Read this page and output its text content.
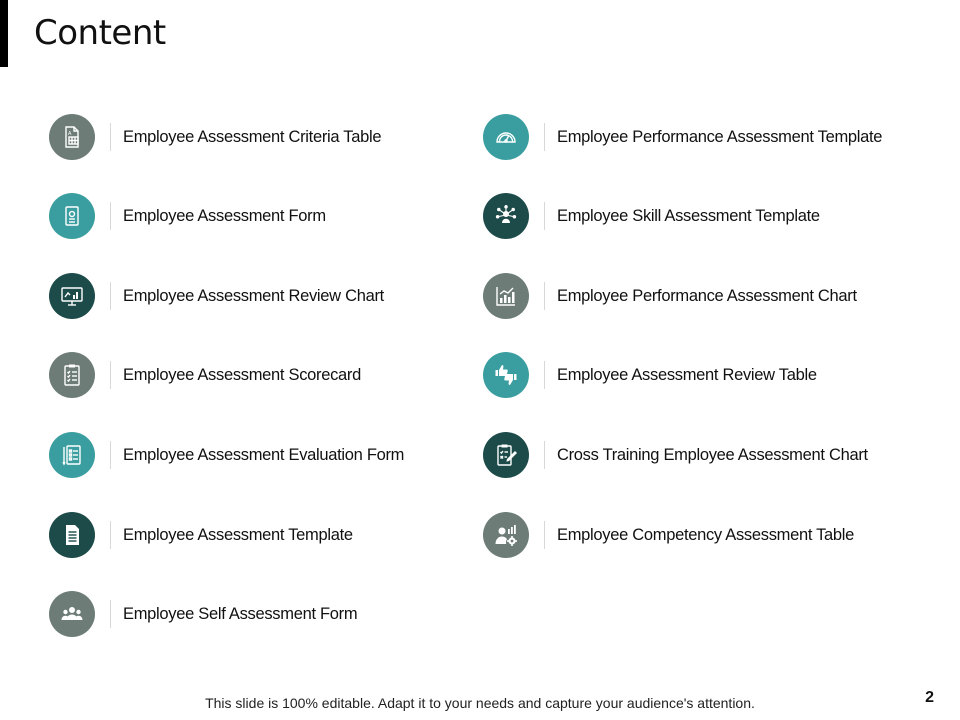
Content
A	Employee Assessment Criteria Table
Employee Assessment Form
Employee Assessment Review Chart
Employee Assessment Scorecard
Employee Assessment Evaluation Form
Employee Assessment Template
Employee Self Assessment Form
Employee Performance Assessment Template
Employee Skill Assessment Template
Employee Performance Assessment Chart
Employee Assessment Review Table
Cross Training Employee Assessment Chart
Employee Competency Assessment Table
This slide is 100% editable. Adapt it to your needs and capture your audience's attention.	2
